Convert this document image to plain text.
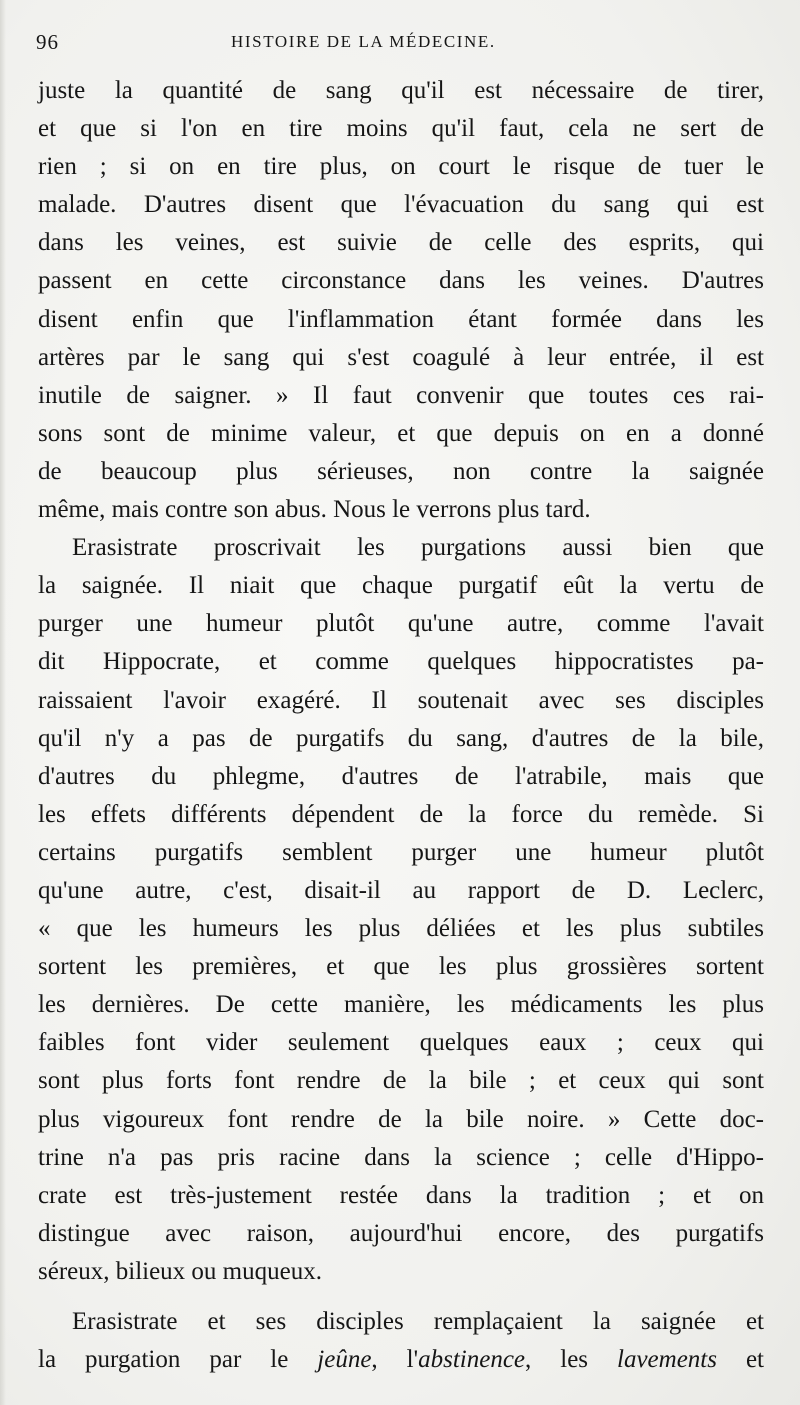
96	HISTOIRE DE LA MÉDECINE.
juste la quantité de sang qu'il est nécessaire de tirer,
et que si l'on en tire moins qu'il faut, cela ne sert de
rien ; si on en tire plus, on court le risque de tuer le
malade. D'autres disent que l'évacuation du sang qui est
dans les veines, est suivie de celle des esprits, qui
passent en cette circonstance dans les veines. D'autres
disent enfin que l'inflammation étant formée dans les
artères par le sang qui s'est coagulé à leur entrée, il est
inutile de saigner. » Il faut convenir que toutes ces rai-
sons sont de minime valeur, et que depuis on en a donné
de beaucoup plus sérieuses, non contre la saignée
même, mais contre son abus. Nous le verrons plus tard.
Erasistrate proscrivait les purgations aussi bien que
la saignée. Il niait que chaque purgatif eût la vertu de
purger une humeur plutôt qu'une autre, comme l'avait
dit Hippocrate, et comme quelques hippocratistes pa-
raissaient l'avoir exagéré. Il soutenait avec ses disciples
qu'il n'y a pas de purgatifs du sang, d'autres de la bile,
d'autres du phlegme, d'autres de l'atrabile, mais que
les effets différents dépendent de la force du remède. Si
certains purgatifs semblent purger une humeur plutôt
qu'une autre, c'est, disait-il au rapport de D. Leclerc,
« que les humeurs les plus déliées et les plus subtiles
sortent les premières, et que les plus grossières sortent
les dernières. De cette manière, les médicaments les plus
faibles font vider seulement quelques eaux ; ceux qui
sont plus forts font rendre de la bile ; et ceux qui sont
plus vigoureux font rendre de la bile noire. » Cette doc-
trine n'a pas pris racine dans la science ; celle d'Hippo-
crate est très-justement restée dans la tradition ; et on
distingue avec raison, aujourd'hui encore, des purgatifs
séreux, bilieux ou muqueux.
Erasistrate et ses disciples remplaçaient la saignée et
la purgation par le jeûne, l'abstinence, les lavements et
